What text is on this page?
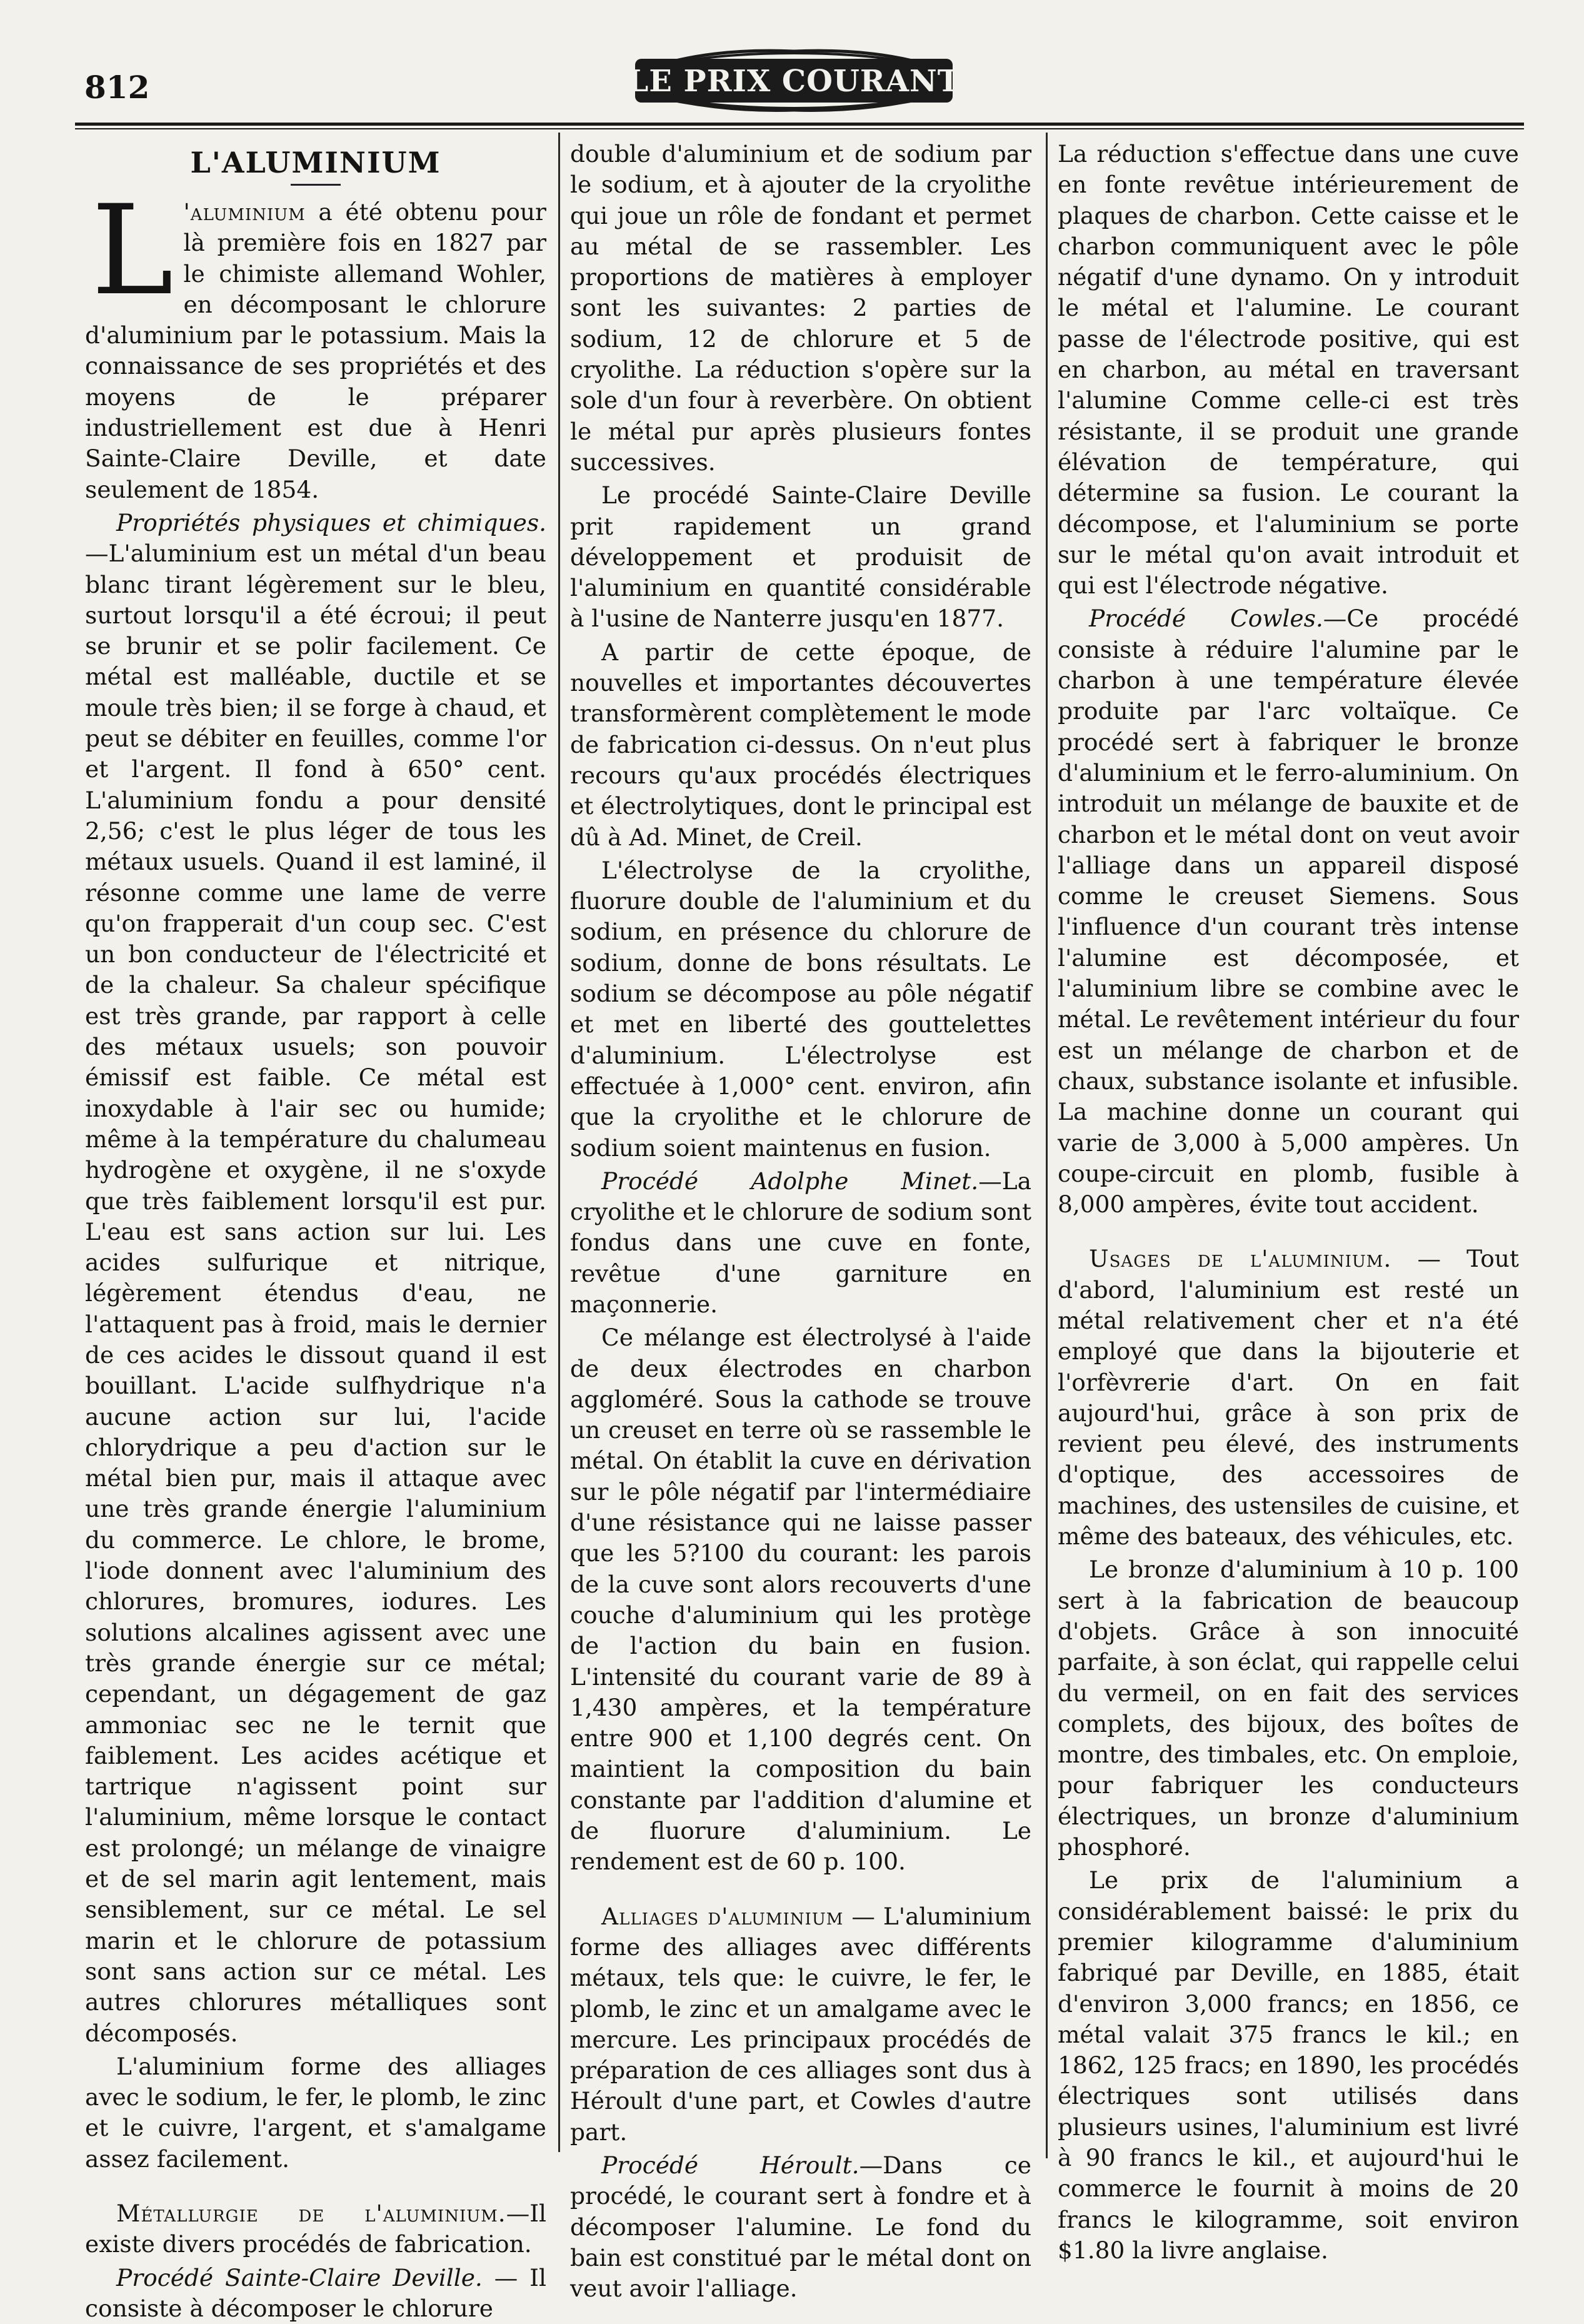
812	LE PRIX COURANT
L'ALUMINIUM

L 'aluminium a été obtenu pour là première fois en 1827 par le chimiste allemand Wohler, en décomposant le chlorure d'aluminium par le potassium. Mais la connaissance de ses propriétés et des moyens de le préparer industriellement est due à Henri Sainte-Claire Deville, et date seulement de 1854.

Propriétés physiques et chimiques.—L'aluminium est un métal d'un beau blanc tirant légèrement sur le bleu, surtout lorsqu'il a été écroui; il peut se brunir et se polir facilement. Ce métal est malléable, ductile et se moule très bien; il se forge à chaud, et peut se débiter en feuilles, comme l'or et l'argent. Il fond à 650° cent. L'aluminium fondu a pour densité 2,56; c'est le plus léger de tous les métaux usuels. Quand il est laminé, il résonne comme une lame de verre qu'on frapperait d'un coup sec. C'est un bon conducteur de l'électricité et de la chaleur. Sa chaleur spécifique est très grande, par rapport à celle des métaux usuels; son pouvoir émissif est faible. Ce métal est inoxydable à l'air sec ou humide; même à la température du chalumeau hydrogène et oxygène, il ne s'oxyde que très faiblement lorsqu'il est pur. L'eau est sans action sur lui. Les acides sulfurique et nitrique, légèrement étendus d'eau, ne l'attaquent pas à froid, mais le dernier de ces acides le dissout quand il est bouillant. L'acide sulfhydrique n'a aucune action sur lui, l'acide chlorydrique a peu d'action sur le métal bien pur, mais il attaque avec une très grande énergie l'aluminium du commerce. Le chlore, le brome, l'iode donnent avec l'aluminium des chlorures, bromures, iodures. Les solutions alcalines agissent avec une très grande énergie sur ce métal; cependant, un dégagement de gaz ammoniac sec ne le ternit que faiblement. Les acides acétique et tartrique n'agissent point sur l'aluminium, même lorsque le contact est prolongé; un mélange de vinaigre et de sel marin agit lentement, mais sensiblement, sur ce métal. Le sel marin et le chlorure de potassium sont sans action sur ce métal. Les autres chlorures métalliques sont décomposés.

L'aluminium forme des alliages avec le sodium, le fer, le plomb, le zinc et le cuivre, l'argent, et s'amalgame assez facilement.

Métallurgie de l'aluminium.—Il existe divers procédés de fabrication.

Procédé Sainte-Claire Deville. — Il consiste à décomposer le chlorure

double d'aluminium et de sodium par le sodium, et à ajouter de la cryolithe qui joue un rôle de fondant et permet au métal de se rassembler. Les proportions de matières à employer sont les suivantes: 2 parties de sodium, 12 de chlorure et 5 de cryolithe. La réduction s'opère sur la sole d'un four à reverbère. On obtient le métal pur après plusieurs fontes successives.

Le procédé Sainte-Claire Deville prit rapidement un grand développement et produisit de l'aluminium en quantité considérable à l'usine de Nanterre jusqu'en 1877.

A partir de cette époque, de nouvelles et importantes découvertes transformèrent complètement le mode de fabrication ci-dessus. On n'eut plus recours qu'aux procédés électriques et électrolytiques, dont le principal est dû à Ad. Minet, de Creil.

L'électrolyse de la cryolithe, fluorure double de l'aluminium et du sodium, en présence du chlorure de sodium, donne de bons résultats. Le sodium se décompose au pôle négatif et met en liberté des gouttelettes d'aluminium. L'électrolyse est effectuée à 1,000° cent. environ, afin que la cryolithe et le chlorure de sodium soient maintenus en fusion.

Procédé Adolphe Minet.—La cryolithe et le chlorure de sodium sont fondus dans une cuve en fonte, revêtue d'une garniture en maçonnerie.

Ce mélange est électrolysé à l'aide de deux électrodes en charbon aggloméré. Sous la cathode se trouve un creuset en terre où se rassemble le métal. On établit la cuve en dérivation sur le pôle négatif par l'intermédiaire d'une résistance qui ne laisse passer que les 5?100 du courant: les parois de la cuve sont alors recouverts d'une couche d'aluminium qui les protège de l'action du bain en fusion. L'intensité du courant varie de 89 à 1,430 ampères, et la température entre 900 et 1,100 degrés cent. On maintient la composition du bain constante par l'addition d'alumine et de fluorure d'aluminium. Le rendement est de 60 p. 100.

Alliages d'aluminium — L'aluminium forme des alliages avec différents métaux, tels que: le cuivre, le fer, le plomb, le zinc et un amalgame avec le mercure. Les principaux procédés de préparation de ces alliages sont dus à Héroult d'une part, et Cowles d'autre part.

Procédé Héroult.—Dans ce procédé, le courant sert à fondre et à décomposer l'alumine. Le fond du bain est constitué par le métal dont on veut avoir l'alliage.

La réduction s'effectue dans une cuve en fonte revêtue intérieurement de plaques de charbon. Cette caisse et le charbon communiquent avec le pôle négatif d'une dynamo. On y introduit le métal et l'alumine. Le courant passe de l'électrode positive, qui est en charbon, au métal en traversant l'alumine Comme celle-ci est très résistante, il se produit une grande élévation de température, qui détermine sa fusion. Le courant la décompose, et l'aluminium se porte sur le métal qu'on avait introduit et qui est l'électrode négative.

Procédé Cowles.—Ce procédé consiste à réduire l'alumine par le charbon à une température élevée produite par l'arc voltaïque. Ce procédé sert à fabriquer le bronze d'aluminium et le ferro-aluminium. On introduit un mélange de bauxite et de charbon et le métal dont on veut avoir l'alliage dans un appareil disposé comme le creuset Siemens. Sous l'influence d'un courant très intense l'alumine est décomposée, et l'aluminium libre se combine avec le métal. Le revêtement intérieur du four est un mélange de charbon et de chaux, substance isolante et infusible. La machine donne un courant qui varie de 3,000 à 5,000 ampères. Un coupe-circuit en plomb, fusible à 8,000 ampères, évite tout accident.

Usages de l'aluminium. — Tout d'abord, l'aluminium est resté un métal relativement cher et n'a été employé que dans la bijouterie et l'orfèvrerie d'art. On en fait aujourd'hui, grâce à son prix de revient peu élevé, des instruments d'optique, des accessoires de machines, des ustensiles de cuisine, et même des bateaux, des véhicules, etc.

Le bronze d'aluminium à 10 p. 100 sert à la fabrication de beaucoup d'objets. Grâce à son innocuité parfaite, à son éclat, qui rappelle celui du vermeil, on en fait des services complets, des bijoux, des boîtes de montre, des timbales, etc. On emploie, pour fabriquer les conducteurs électriques, un bronze d'aluminium phosphoré.

Le prix de l'aluminium a considérablement baissé: le prix du premier kilogramme d'aluminium fabriqué par Deville, en 1885, était d'environ 3,000 francs; en 1856, ce métal valait 375 francs le kil.; en 1862, 125 fracs; en 1890, les procédés électriques sont utilisés dans plusieurs usines, l'aluminium est livré à 90 francs le kil., et aujourd'hui le commerce le fournit à moins de 20 francs le kilogramme, soit environ $1.80 la livre anglaise.
